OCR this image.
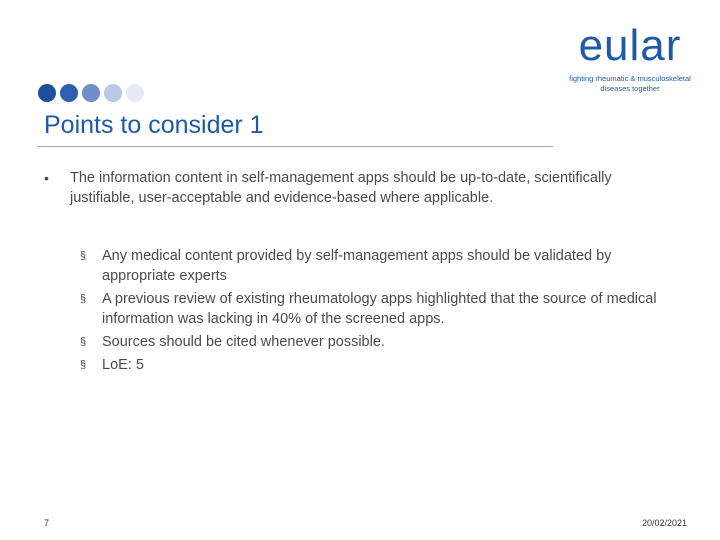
eular
fighting rheumatic & musculoskeletal
diseases together
Points to consider 1
• The information content in self-management apps should be up-to-date, scientifically justifiable, user-acceptable and evidence-based where applicable.
§ Any medical content provided by self-management apps should be validated by appropriate experts
§ A previous review of existing rheumatology apps highlighted that the source of medical information was lacking in 40% of the screened apps.
§ Sources should be cited whenever possible.
§ LoE: 5
7	20/02/2021
